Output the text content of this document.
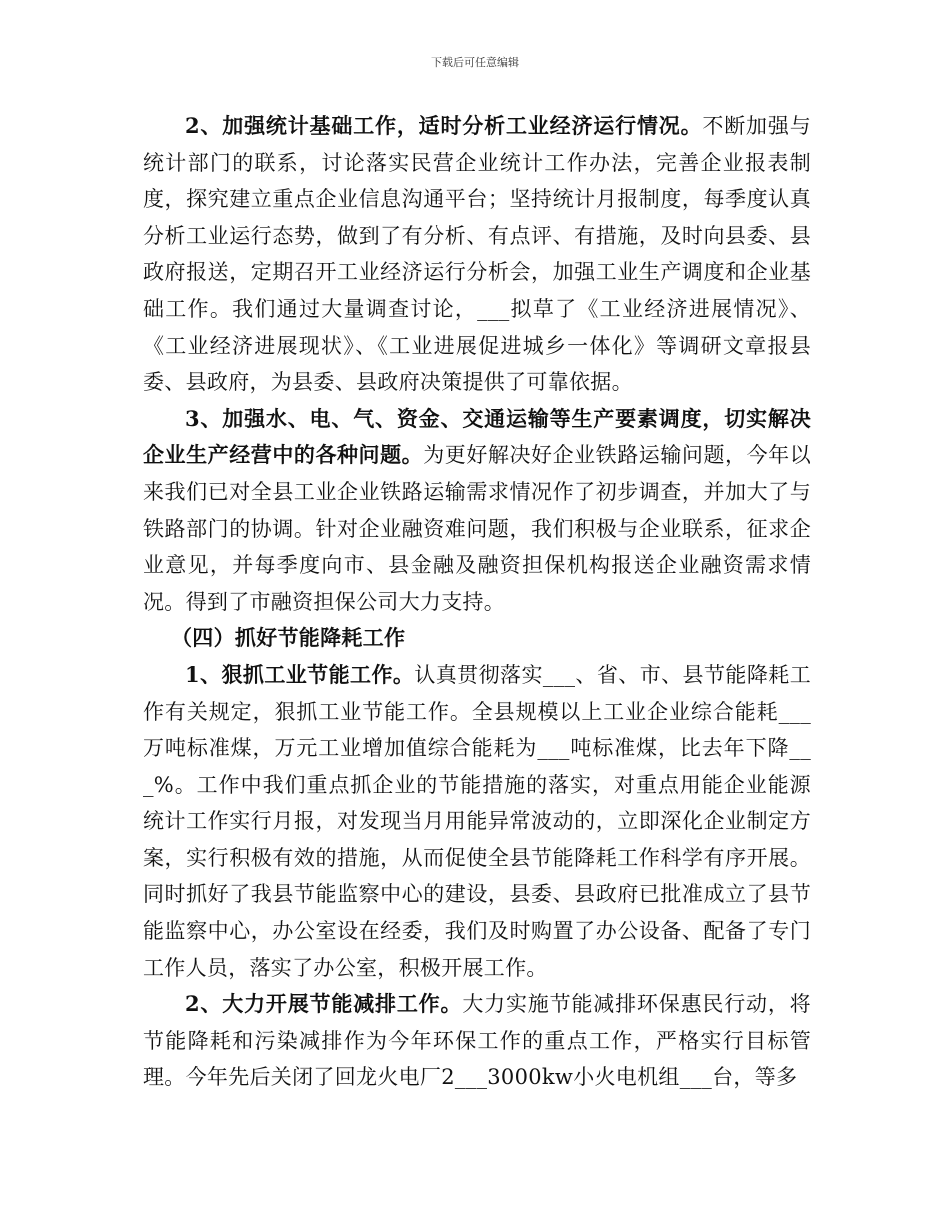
下载后可任意编辑

2、加强统计基础工作，适时分析工业经济运行情况。不断加强与统计部门的联系，讨论落实民营企业统计工作办法，完善企业报表制度，探究建立重点企业信息沟通平台；坚持统计月报制度，每季度认真分析工业运行态势，做到了有分析、有点评、有措施，及时向县委、县政府报送，定期召开工业经济运行分析会，加强工业生产调度和企业基础工作。我们通过大量调查讨论，___拟草了《工业经济进展情况》、《工业经济进展现状》、《工业进展促进城乡一体化》等调研文章报县委、县政府，为县委、县政府决策提供了可靠依据。

3、加强水、电、气、资金、交通运输等生产要素调度，切实解决企业生产经营中的各种问题。为更好解决好企业铁路运输问题，今年以来我们已对全县工业企业铁路运输需求情况作了初步调查，并加大了与铁路部门的协调。针对企业融资难问题，我们积极与企业联系，征求企业意见，并每季度向市、县金融及融资担保机构报送企业融资需求情况。得到了市融资担保公司大力支持。

（四）抓好节能降耗工作

1、狠抓工业节能工作。认真贯彻落实___、省、市、县节能降耗工作有关规定，狠抓工业节能工作。全县规模以上工业企业综合能耗___万吨标准煤，万元工业增加值综合能耗为___吨标准煤，比去年下降___%。工作中我们重点抓企业的节能措施的落实，对重点用能企业能源统计工作实行月报，对发现当月用能异常波动的，立即深化企业制定方案，实行积极有效的措施，从而促使全县节能降耗工作科学有序开展。同时抓好了我县节能监察中心的建设，县委、县政府已批准成立了县节能监察中心，办公室设在经委，我们及时购置了办公设备、配备了专门工作人员，落实了办公室，积极开展工作。

2、大力开展节能减排工作。大力实施节能减排环保惠民行动，将节能降耗和污染减排作为今年环保工作的重点工作，严格实行目标管理。今年先后关闭了回龙火电厂2___3000kw小火电机组___台，等多
